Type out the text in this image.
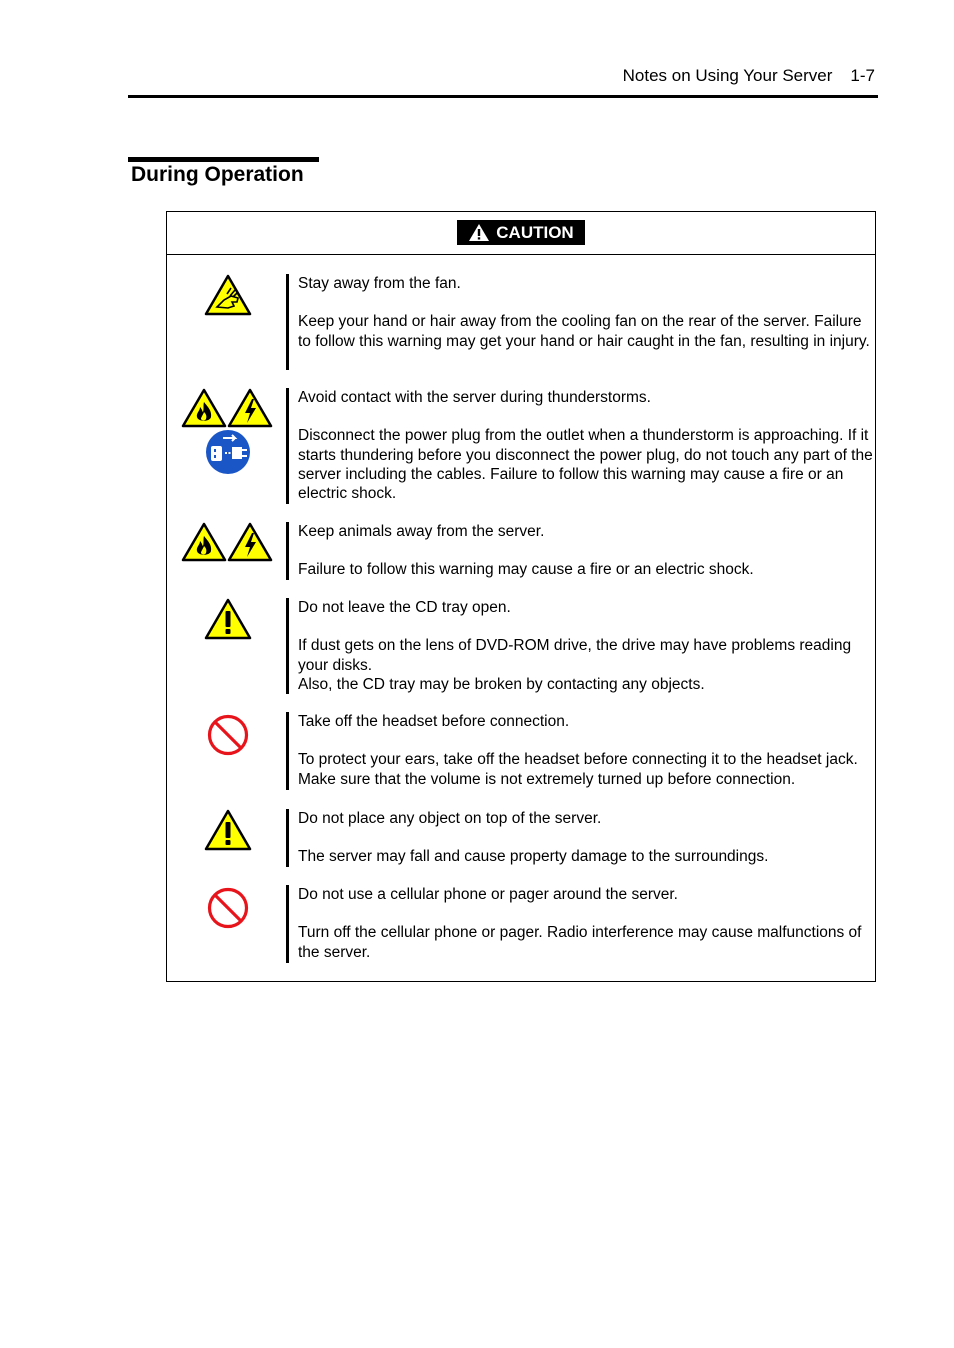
Notes on Using Your Server 1-7
During Operation
CAUTION

Stay away from the fan.

Keep your hand or hair away from the cooling fan on the rear of the server. Failure to follow this warning may get your hand or hair caught in the fan, resulting in injury.

Avoid contact with the server during thunderstorms.

Disconnect the power plug from the outlet when a thunderstorm is approaching. If it starts thundering before you disconnect the power plug, do not touch any part of the server including the cables. Failure to follow this warning may cause a fire or an electric shock.

Keep animals away from the server.

Failure to follow this warning may cause a fire or an electric shock.

Do not leave the CD tray open.

If dust gets on the lens of DVD-ROM drive, the drive may have problems reading your disks.

Also, the CD tray may be broken by contacting any objects.

Take off the headset before connection.

To protect your ears, take off the headset before connecting it to the headset jack. Make sure that the volume is not extremely turned up before connection.

Do not place any object on top of the server.

The server may fall and cause property damage to the surroundings.

Do not use a cellular phone or pager around the server.

Turn off the cellular phone or pager. Radio interference may cause malfunctions of the server.
